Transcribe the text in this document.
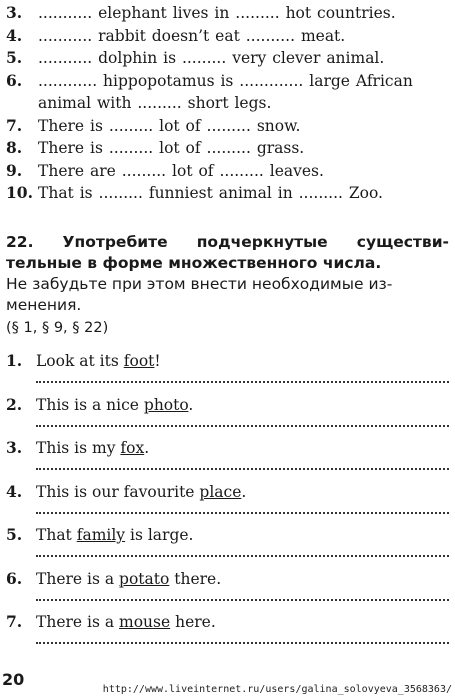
3. ........... elephant lives in ......... hot countries.
4. ........... rabbit doesn’t eat .......... meat.
5. ........... dolphin is ......... very clever animal.
6. ............ hippopotamus is ............. large African animal with ......... short legs.
7. There is ......... lot of ......... snow.
8. There is ......... lot of ......... grass.
9. There are ......... lot of ......... leaves.
10. That is ......... funniest animal in ......... Zoo.
22. Употребите подчеркнутые существи-
тельные в форме множественного числа.
Не забудьте при этом внести необходимые из-
менения.
(§ 1, § 9, § 22)
1. Look at its foot!
2. This is a nice photo.
3. This is my fox.
4. This is our favourite place.
5. That family is large.
6. There is a potato there.
7. There is a mouse here.
20
http://www.liveinternet.ru/users/galina_solovyeva_3568363/
